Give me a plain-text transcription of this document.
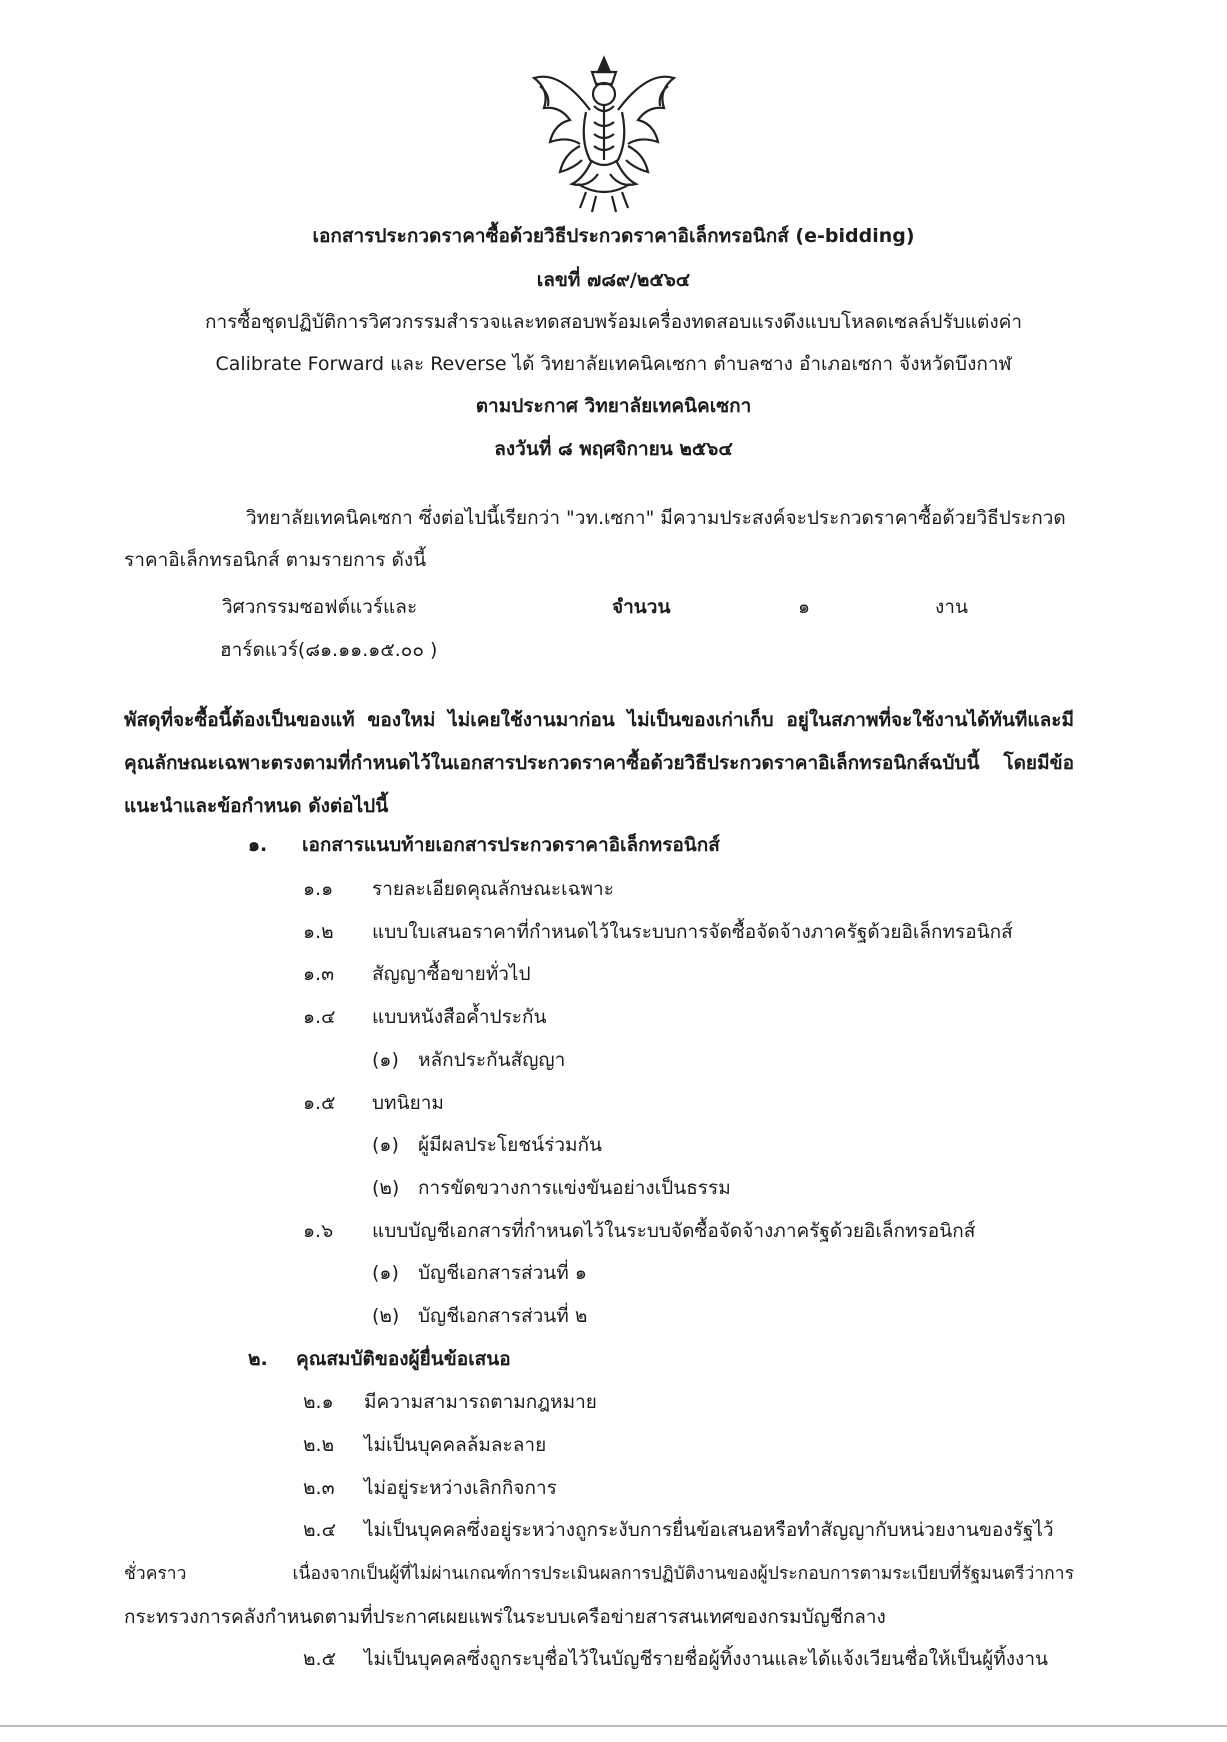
เอกสารประกวดราคาซื้อด้วยวิธีประกวดราคาอิเล็กทรอนิกส์ (e-bidding)
เลขที่ ๗๘๙/๒๕๖๔
การซื้อชุดปฏิบัติการวิศวกรรมสำรวจและทดสอบพร้อมเครื่องทดสอบแรงดึงแบบโหลดเซลล์ปรับแต่งค่า
Calibrate Forward และ Reverse ได้ วิทยาลัยเทคนิคเซกา ตำบลซาง อำเภอเซกา จังหวัดบึงกาฬ
ตามประกาศ วิทยาลัยเทคนิคเซกา
ลงวันที่ ๘ พฤศจิกายน ๒๕๖๔
วิทยาลัยเทคนิคเซกา ซึ่งต่อไปนี้เรียกว่า "วท.เซกา" มีความประสงค์จะประกวดราคาซื้อด้วยวิธีประกวด
ราคาอิเล็กทรอนิกส์ ตามรายการ ดังนี้
วิศวกรรมซอฟต์แวร์และ	จำนวน	๑	งาน
ฮาร์ดแวร์(๘๑.๑๑.๑๕.๐๐ )
พัสดุที่จะซื้อนี้ต้องเป็นของแท้ ของใหม่ ไม่เคยใช้งานมาก่อน ไม่เป็นของเก่าเก็บ อยู่ในสภาพที่จะใช้งานได้ทันทีและมี
คุณลักษณะเฉพาะตรงตามที่กำหนดไว้ในเอกสารประกวดราคาซื้อด้วยวิธีประกวดราคาอิเล็กทรอนิกส์ฉบับนี้ โดยมีข้อ
แนะนำและข้อกำหนด ดังต่อไปนี้
๑. เอกสารแนบท้ายเอกสารประกวดราคาอิเล็กทรอนิกส์
๑.๑ รายละเอียดคุณลักษณะเฉพาะ
๑.๒ แบบใบเสนอราคาที่กำหนดไว้ในระบบการจัดซื้อจัดจ้างภาครัฐด้วยอิเล็กทรอนิกส์
๑.๓ สัญญาซื้อขายทั่วไป
๑.๔ แบบหนังสือค้ำประกัน
(๑) หลักประกันสัญญา
๑.๕ บทนิยาม
(๑) ผู้มีผลประโยชน์ร่วมกัน
(๒) การขัดขวางการแข่งขันอย่างเป็นธรรม
๑.๖ แบบบัญชีเอกสารที่กำหนดไว้ในระบบจัดซื้อจัดจ้างภาครัฐด้วยอิเล็กทรอนิกส์
(๑) บัญชีเอกสารส่วนที่ ๑
(๒) บัญชีเอกสารส่วนที่ ๒
๒. คุณสมบัติของผู้ยื่นข้อเสนอ
๒.๑ มีความสามารถตามกฎหมาย
๒.๒ ไม่เป็นบุคคลล้มละลาย
๒.๓ ไม่อยู่ระหว่างเลิกกิจการ
๒.๔ ไม่เป็นบุคคลซึ่งอยู่ระหว่างถูกระงับการยื่นข้อเสนอหรือทำสัญญากับหน่วยงานของรัฐไว้
ชั่วคราว เนื่องจากเป็นผู้ที่ไม่ผ่านเกณฑ์การประเมินผลการปฏิบัติงานของผู้ประกอบการตามระเบียบที่รัฐมนตรีว่าการ
กระทรวงการคลังกำหนดตามที่ประกาศเผยแพร่ในระบบเครือข่ายสารสนเทศของกรมบัญชีกลาง
๒.๕ ไม่เป็นบุคคลซึ่งถูกระบุชื่อไว้ในบัญชีรายชื่อผู้ทิ้งงานและได้แจ้งเวียนชื่อให้เป็นผู้ทิ้งงาน
